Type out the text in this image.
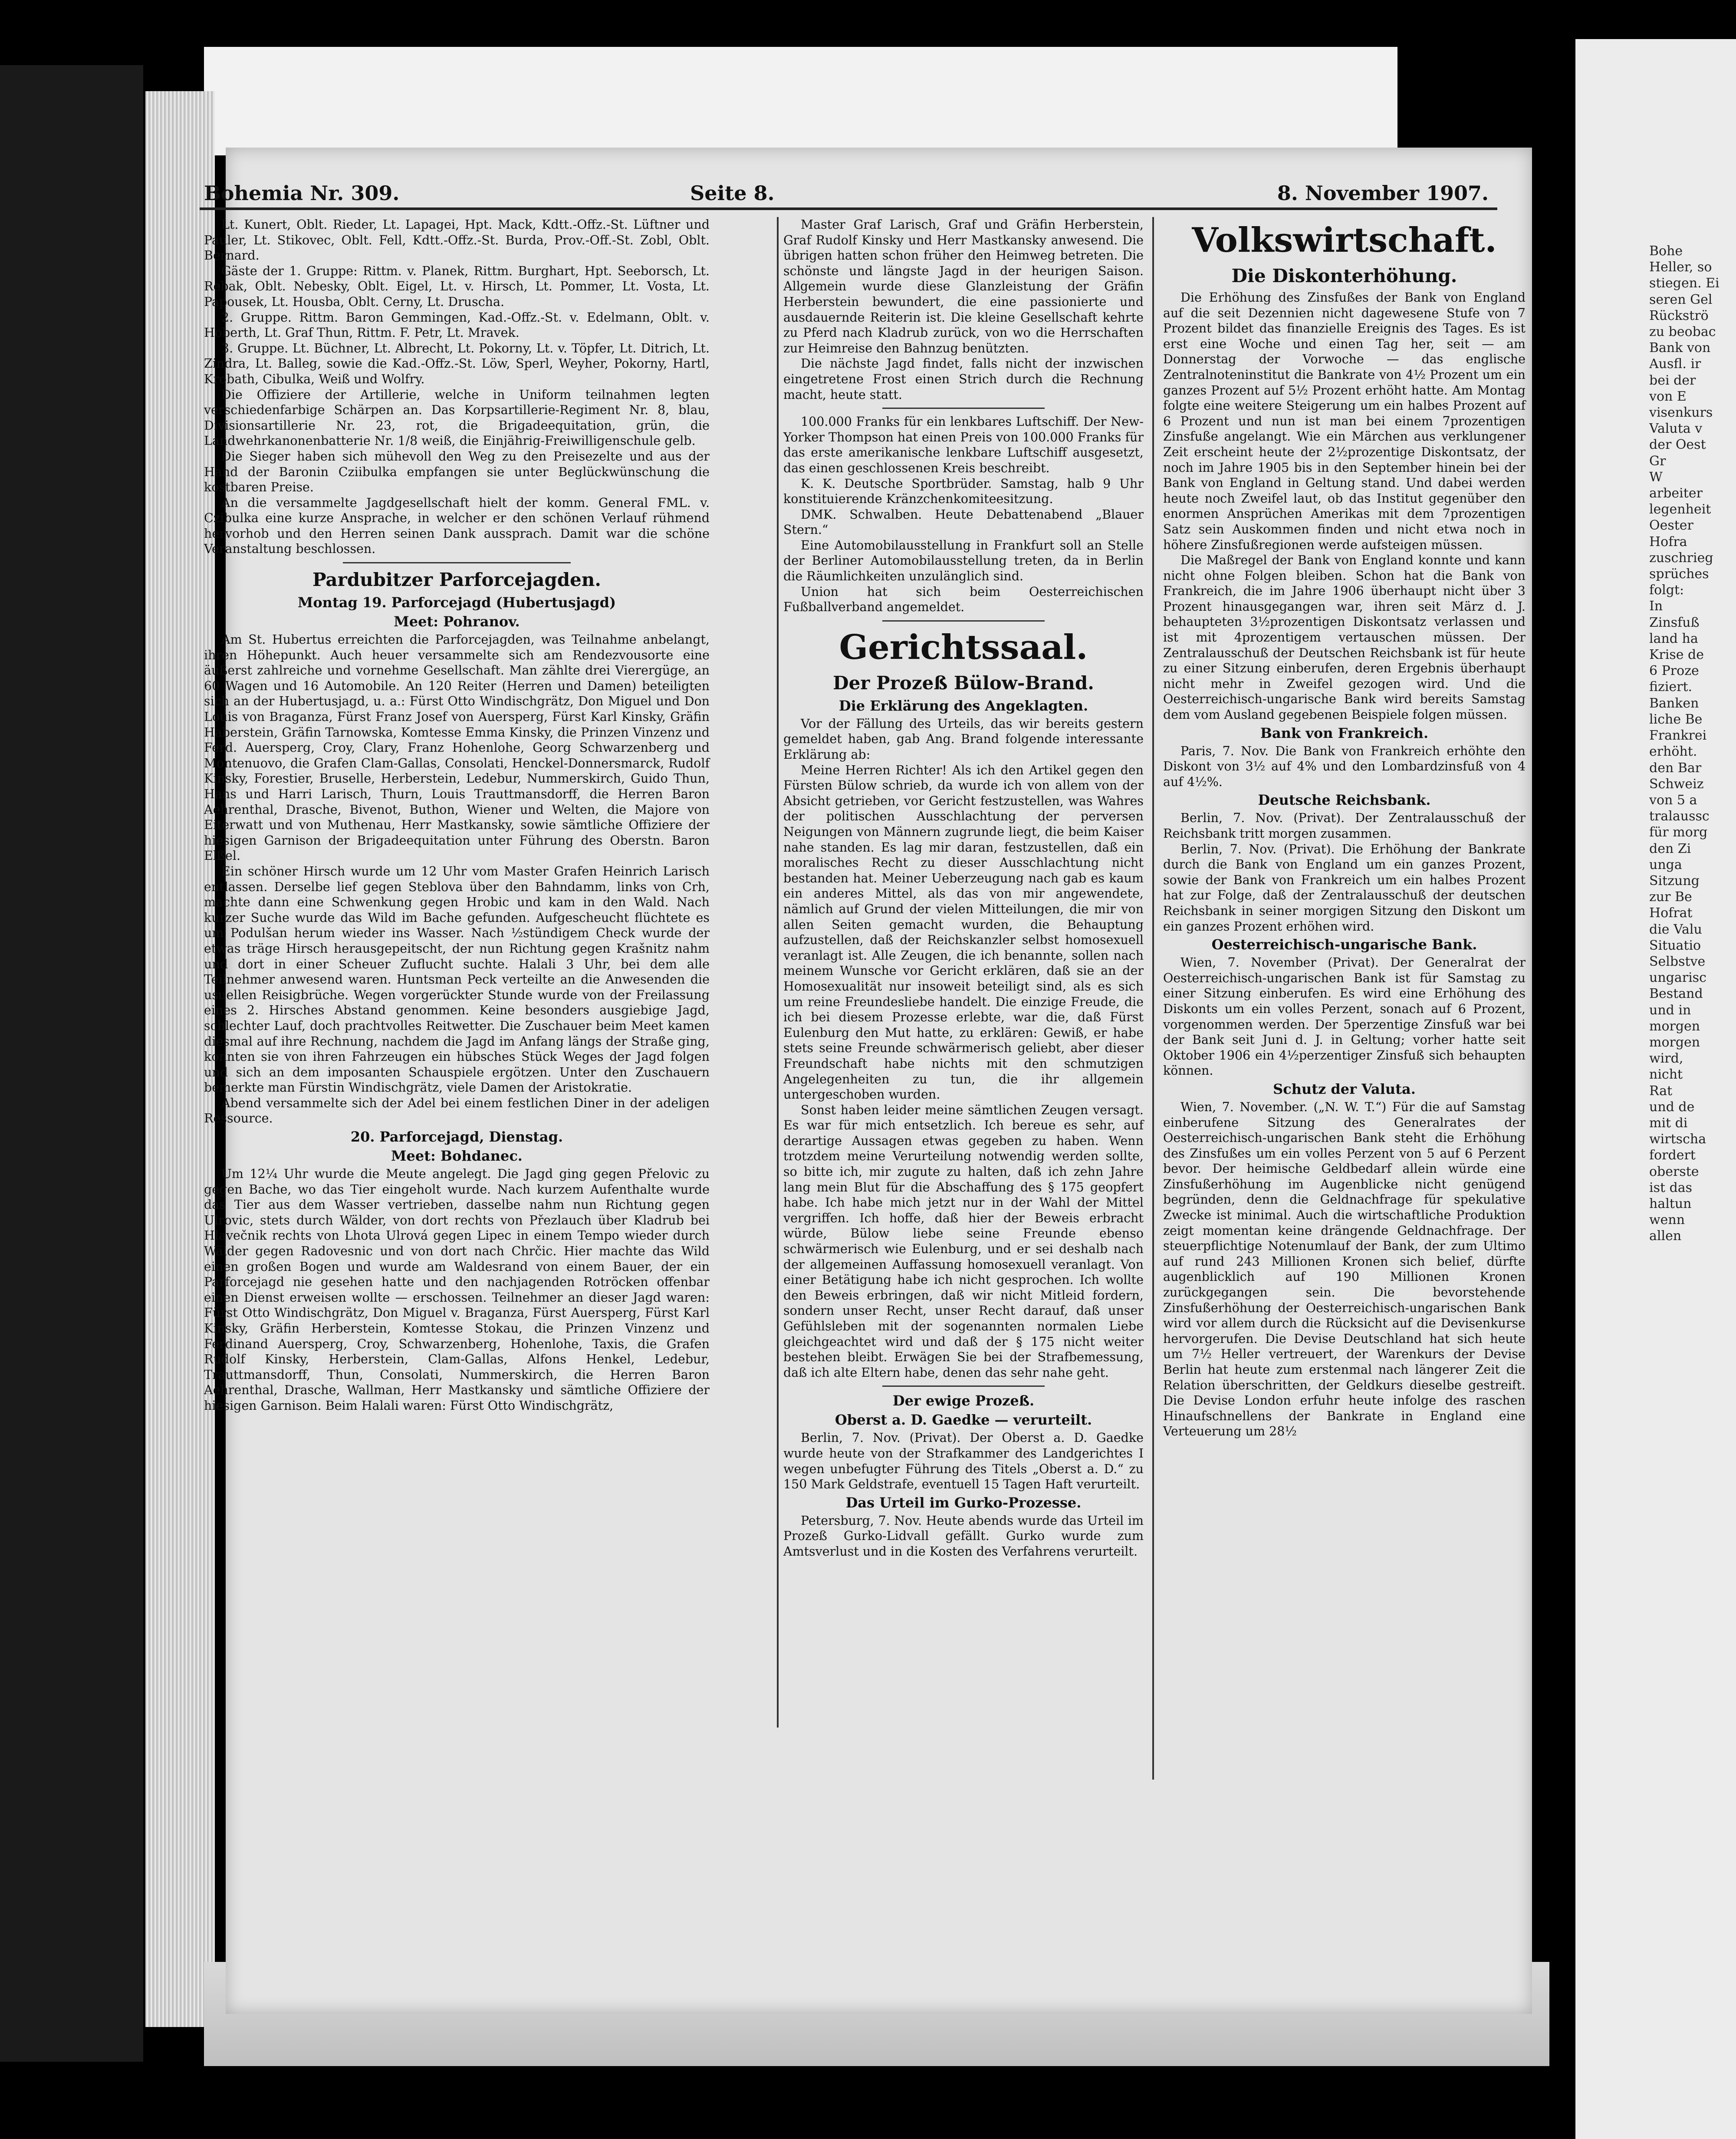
Bohemia Nr. 309.	Seite 8.	8. November 1907.

Lt. Kunert, Oblt. Rieder, Lt. Lapagei, Hpt. Mack, Kdtt.-Offz.-St. Lüftner und Pauler, Lt. Stikovec, Oblt. Fell, Kdtt.-Offz.-St. Burda, Prov.-Off.-St. Zobl, Oblt. Bernard.

Gäste der 1. Gruppe: Rittm. v. Planek, Rittm. Burghart, Hpt. Seeborsch, Lt. Rebak, Oblt. Nebesky, Oblt. Eigel, Lt. v. Hirsch, Lt. Pommer, Lt. Vosta, Lt. Papousek, Lt. Housba, Oblt. Cerny, Lt. Druscha.

2. Gruppe. Rittm. Baron Gemmingen, Kad.-Offz.-St. v. Edelmann, Oblt. v. Hoberth, Lt. Graf Thun, Rittm. F. Petr, Lt. Mravek.

3. Gruppe. Lt. Büchner, Lt. Albrecht, Lt. Pokorny, Lt. v. Töpfer, Lt. Ditrich, Lt. Zindra, Lt. Balleg, sowie die Kad.-Offz.-St. Löw, Sperl, Weyher, Pokorny, Hartl, Krobath, Cibulka, Weiß und Wolfry.

Die Offiziere der Artillerie, welche in Uniform teilnahmen legten verschiedenfarbige Schärpen an. Das Korpsartillerie-Regiment Nr. 8, blau, Divisionsartillerie Nr. 23, rot, die Brigadeequitation, grün, die Landwehrkanonenbatterie Nr. 1/8 weiß, die Einjährig-Freiwilligenschule gelb.

Die Sieger haben sich mühevoll den Weg zu den Preisezelte und aus der Hand der Baronin Cziibulka empfangen sie unter Beglückwünschung die kostbaren Preise.

An die versammelte Jagdgesellschaft hielt der komm. General FML. v. Czibulka eine kurze Ansprache, in welcher er den schönen Verlauf rühmend hervorhob und den Herren seinen Dank aussprach. Damit war die schöne Veranstaltung beschlossen.

Pardubitzer Parforcejagden.

Montag 19. Parforcejagd (Hubertusjagd)

Meet: Pohranov.

Am St. Hubertus erreichten die Parforcejagden, was Teilnahme anbelangt, ihren Höhepunkt. Auch heuer versammelte sich am Rendezvousorte eine äußerst zahlreiche und vornehme Gesellschaft. Man zählte drei Vierergüge, an 60 Wagen und 16 Automobile. An 120 Reiter (Herren und Damen) beteiligten sich an der Hubertusjagd, u. a.: Fürst Otto Windischgrätz, Don Miguel und Don Louis von Braganza, Fürst Franz Josef von Auersperg, Fürst Karl Kinsky, Gräfin Haberstein, Gräfin Tarnowska, Komtesse Emma Kinsky, die Prinzen Vinzenz und Ferd. Auersperg, Croy, Clary, Franz Hohenlohe, Georg Schwarzenberg und Montenuovo, die Grafen Clam-Gallas, Consolati, Henckel-Donnersmarck, Rudolf Kinsky, Forestier, Bruselle, Herberstein, Ledebur, Nummerskirch, Guido Thun, Hans und Harri Larisch, Thurn, Louis Trauttmansdorff, die Herren Baron Aehrenthal, Drasche, Bivenot, Buthon, Wiener und Welten, die Majore von Eiterwatt und von Muthenau, Herr Mastkansky, sowie sämtliche Offiziere der hiesigen Garnison der Brigadeequitation unter Führung des Oberstn. Baron Elßel.

Ein schöner Hirsch wurde um 12 Uhr vom Master Grafen Heinrich Larisch entlassen. Derselbe lief gegen Steblova über den Bahndamm, links von Crh, machte dann eine Schwenkung gegen Hrobic und kam in den Wald. Nach kurzer Suche wurde das Wild im Bache gefunden. Aufgescheucht flüchtete es um Podulšan herum wieder ins Wasser. Nach ½stündigem Check wurde der etwas träge Hirsch herausgepeitscht, der nun Richtung gegen Krašnitz nahm und dort in einer Scheuer Zuflucht suchte. Halali 3 Uhr, bei dem alle Teilnehmer anwesend waren. Huntsman Peck verteilte an die Anwesenden die usuellen Reisigbrüche. Wegen vorgerückter Stunde wurde von der Freilassung eines 2. Hirsches Abstand genommen. Keine besonders ausgiebige Jagd, schlechter Lauf, doch prachtvolles Reitwetter. Die Zuschauer beim Meet kamen diesmal auf ihre Rechnung, nachdem die Jagd im Anfang längs der Straße ging, konnten sie von ihren Fahrzeugen ein hübsches Stück Weges der Jagd folgen und sich an dem imposanten Schauspiele ergötzen. Unter den Zuschauern bemerkte man Fürstin Windischgrätz, viele Damen der Aristokratie.

Abend versammelte sich der Adel bei einem festlichen Diner in der adeligen Ressource.

20. Parforcejagd, Dienstag.

Meet: Bohdanec.

Um 12¼ Uhr wurde die Meute angelegt. Die Jagd ging gegen Přelovic zu gegen Bache, wo das Tier eingeholt wurde. Nach kurzem Aufenthalte wurde das Tier aus dem Wasser vertrieben, dasselbe nahm nun Richtung gegen Ulrovic, stets durch Wälder, von dort rechts von Přezlauch über Kladrub bei Hlavečnik rechts von Lhota Ulrová gegen Lipec in einem Tempo wieder durch Wälder gegen Radovesnic und von dort nach Chrčic. Hier machte das Wild einen großen Bogen und wurde am Waldesrand von einem Bauer, der ein Parforcejagd nie gesehen hatte und den nachjagenden Rotröcken offenbar einen Dienst erweisen wollte — erschossen. Teilnehmer an dieser Jagd waren: Fürst Otto Windischgrätz, Don Miguel v. Braganza, Fürst Auersperg, Fürst Karl Kinsky, Gräfin Herberstein, Komtesse Stokau, die Prinzen Vinzenz und Ferdinand Auersperg, Croy, Schwarzenberg, Hohenlohe, Taxis, die Grafen Rudolf Kinsky, Herberstein, Clam-Gallas, Alfons Henkel, Ledebur, Trauttmansdorff, Thun, Consolati, Nummerskirch, die Herren Baron Aehrenthal, Drasche, Wallman, Herr Mastkansky und sämtliche Offiziere der hiesigen Garnison. Beim Halali waren: Fürst Otto Windischgrätz,

Master Graf Larisch, Graf und Gräfin Herberstein, Graf Rudolf Kinsky und Herr Mastkansky anwesend. Die übrigen hatten schon früher den Heimweg betreten. Die schönste und längste Jagd in der heurigen Saison. Allgemein wurde diese Glanzleistung der Gräfin Herberstein bewundert, die eine passionierte und ausdauernde Reiterin ist. Die kleine Gesellschaft kehrte zu Pferd nach Kladrub zurück, von wo die Herrschaften zur Heimreise den Bahnzug benützten.

Die nächste Jagd findet, falls nicht der inzwischen eingetretene Frost einen Strich durch die Rechnung macht, heute statt.

100.000 Franks für ein lenkbares Luftschiff. Der New-Yorker Thompson hat einen Preis von 100.000 Franks für das erste amerikanische lenkbare Luftschiff ausgesetzt, das einen geschlossenen Kreis beschreibt.

K. K. Deutsche Sportbrüder. Samstag, halb 9 Uhr konstituierende Kränzchenkomiteesitzung.

DMK. Schwalben. Heute Debattenabend „Blauer Stern.“

Eine Automobilausstellung in Frankfurt soll an Stelle der Berliner Automobilausstellung treten, da in Berlin die Räumlichkeiten unzulänglich sind.

Union hat sich beim Oesterreichischen Fußballverband angemeldet.

Gerichtssaal.

Der Prozeß Bülow-Brand.

Die Erklärung des Angeklagten.

Vor der Fällung des Urteils, das wir bereits gestern gemeldet haben, gab Ang. Brand folgende interessante Erklärung ab:

Meine Herren Richter! Als ich den Artikel gegen den Fürsten Bülow schrieb, da wurde ich von allem von der Absicht getrieben, vor Gericht festzustellen, was Wahres der politischen Ausschlachtung der perversen Neigungen von Männern zugrunde liegt, die beim Kaiser nahe standen. Es lag mir daran, festzustellen, daß ein moralisches Recht zu dieser Ausschlachtung nicht bestanden hat. Meiner Ueberzeugung nach gab es kaum ein anderes Mittel, als das von mir angewendete, nämlich auf Grund der vielen Mitteilungen, die mir von allen Seiten gemacht wurden, die Behauptung aufzustellen, daß der Reichskanzler selbst homosexuell veranlagt ist. Alle Zeugen, die ich benannte, sollen nach meinem Wunsche vor Gericht erklären, daß sie an der Homosexualität nur insoweit beteiligt sind, als es sich um reine Freundesliebe handelt. Die einzige Freude, die ich bei diesem Prozesse erlebte, war die, daß Fürst Eulenburg den Mut hatte, zu erklären: Gewiß, er habe stets seine Freunde schwärmerisch geliebt, aber dieser Freundschaft habe nichts mit den schmutzigen Angelegenheiten zu tun, die ihr allgemein untergeschoben wurden.

Sonst haben leider meine sämtlichen Zeugen versagt. Es war für mich entsetzlich. Ich bereue es sehr, auf derartige Aussagen etwas gegeben zu haben. Wenn trotzdem meine Verurteilung notwendig werden sollte, so bitte ich, mir zugute zu halten, daß ich zehn Jahre lang mein Blut für die Abschaffung des § 175 geopfert habe. Ich habe mich jetzt nur in der Wahl der Mittel vergriffen. Ich hoffe, daß hier der Beweis erbracht würde, Bülow liebe seine Freunde ebenso schwärmerisch wie Eulenburg, und er sei deshalb nach der allgemeinen Auffassung homosexuell veranlagt. Von einer Betätigung habe ich nicht gesprochen. Ich wollte den Beweis erbringen, daß wir nicht Mitleid fordern, sondern unser Recht, unser Recht darauf, daß unser Gefühlsleben mit der sogenannten normalen Liebe gleichgeachtet wird und daß der § 175 nicht weiter bestehen bleibt. Erwägen Sie bei der Strafbemessung, daß ich alte Eltern habe, denen das sehr nahe geht.

Der ewige Prozeß.

Oberst a. D. Gaedke — verurteilt.

Berlin, 7. Nov. (Privat). Der Oberst a. D. Gaedke wurde heute von der Strafkammer des Landgerichtes I wegen unbefugter Führung des Titels „Oberst a. D.“ zu 150 Mark Geldstrafe, eventuell 15 Tagen Haft verurteilt.

Das Urteil im Gurko-Prozesse.

Petersburg, 7. Nov. Heute abends wurde das Urteil im Prozeß Gurko-Lidvall gefällt. Gurko wurde zum Amtsverlust und in die Kosten des Verfahrens verurteilt.

Volkswirtschaft.

Die Diskonterhöhung.

Die Erhöhung des Zinsfußes der Bank von England auf die seit Dezennien nicht dagewesene Stufe von 7 Prozent bildet das finanzielle Ereignis des Tages. Es ist erst eine Woche und einen Tag her, seit — am Donnerstag der Vorwoche — das englische Zentralnoteninstitut die Bankrate von 4½ Prozent um ein ganzes Prozent auf 5½ Prozent erhöht hatte. Am Montag folgte eine weitere Steigerung um ein halbes Prozent auf 6 Prozent und nun ist man bei einem 7prozentigen Zinsfuße angelangt. Wie ein Märchen aus verklungener Zeit erscheint heute der 2½prozentige Diskontsatz, der noch im Jahre 1905 bis in den September hinein bei der Bank von England in Geltung stand. Und dabei werden heute noch Zweifel laut, ob das Institut gegenüber den enormen Ansprüchen Amerikas mit dem 7prozentigen Satz sein Auskommen finden und nicht etwa noch in höhere Zinsfußregionen werde aufsteigen müssen.

Die Maßregel der Bank von England konnte und kann nicht ohne Folgen bleiben. Schon hat die Bank von Frankreich, die im Jahre 1906 überhaupt nicht über 3 Prozent hinausgegangen war, ihren seit März d. J. behaupteten 3½prozentigen Diskontsatz verlassen und ist mit 4prozentigem vertauschen müssen. Der Zentralausschuß der Deutschen Reichsbank ist für heute zu einer Sitzung einberufen, deren Ergebnis überhaupt nicht mehr in Zweifel gezogen wird. Und die Oesterreichisch-ungarische Bank wird bereits Samstag dem vom Ausland gegebenen Beispiele folgen müssen.

Bank von Frankreich.

Paris, 7. Nov. Die Bank von Frankreich erhöhte den Diskont von 3½ auf 4% und den Lombardzinsfuß von 4 auf 4½%.

Deutsche Reichsbank.

Berlin, 7. Nov. (Privat). Der Zentralausschuß der Reichsbank tritt morgen zusammen.

Berlin, 7. Nov. (Privat). Die Erhöhung der Bankrate durch die Bank von England um ein ganzes Prozent, sowie der Bank von Frankreich um ein halbes Prozent hat zur Folge, daß der Zentralausschuß der deutschen Reichsbank in seiner morgigen Sitzung den Diskont um ein ganzes Prozent erhöhen wird.

Oesterreichisch-ungarische Bank.

Wien, 7. November (Privat). Der Generalrat der Oesterreichisch-ungarischen Bank ist für Samstag zu einer Sitzung einberufen. Es wird eine Erhöhung des Diskonts um ein volles Perzent, sonach auf 6 Prozent, vorgenommen werden. Der 5perzentige Zinsfuß war bei der Bank seit Juni d. J. in Geltung; vorher hatte seit Oktober 1906 ein 4½perzentiger Zinsfuß sich behaupten können.

Schutz der Valuta.

Wien, 7. November. („N. W. T.“) Für die auf Samstag einberufene Sitzung des Generalrates der Oesterreichisch-ungarischen Bank steht die Erhöhung des Zinsfußes um ein volles Perzent von 5 auf 6 Perzent bevor. Der heimische Geldbedarf allein würde eine Zinsfußerhöhung im Augenblicke nicht genügend begründen, denn die Geldnachfrage für spekulative Zwecke ist minimal. Auch die wirtschaftliche Produktion zeigt momentan keine drängende Geldnachfrage. Der steuerpflichtige Notenumlauf der Bank, der zum Ultimo auf rund 243 Millionen Kronen sich belief, dürfte augenblicklich auf 190 Millionen Kronen zurückgegangen sein. Die bevorstehende Zinsfußerhöhung der Oesterreichisch-ungarischen Bank wird vor allem durch die Rücksicht auf die Devisenkurse hervorgerufen. Die Devise Deutschland hat sich heute um 7½ Heller vertreuert, der Warenkurs der Devise Berlin hat heute zum erstenmal nach längerer Zeit die Relation überschritten, der Geldkurs dieselbe gestreift. Die Devise London erfuhr heute infolge des raschen Hinaufschnellens der Bankrate in England eine Verteuerung um 28½

Bohe
Heller, so
stiegen. Ei
seren Gel
Rückströ
zu beobac
Bank von
Ausfl. ir
bei der
von E
visenkurs
Valuta v
der Oest
Gr
W
arbeiter
legenheit
Oester
Hofra
zuschrieg
sprüches
folgt:
In
Zinsfuß
land ha
Krise de
6 Proze
fiziert.
Banken
liche Be
Frankrei
erhöht.
den Bar
Schweiz
von 5 a
tralaussc
für morg
den Zi
unga
Sitzung
zur Be
Hofrat
die Valu
Situatio
Selbstve
ungarisc
Bestand
und in
morgen
morgen
wird,
nicht
Rat
und de
mit di
wirtscha
fordert
oberste
ist das
haltun
wenn
allen
